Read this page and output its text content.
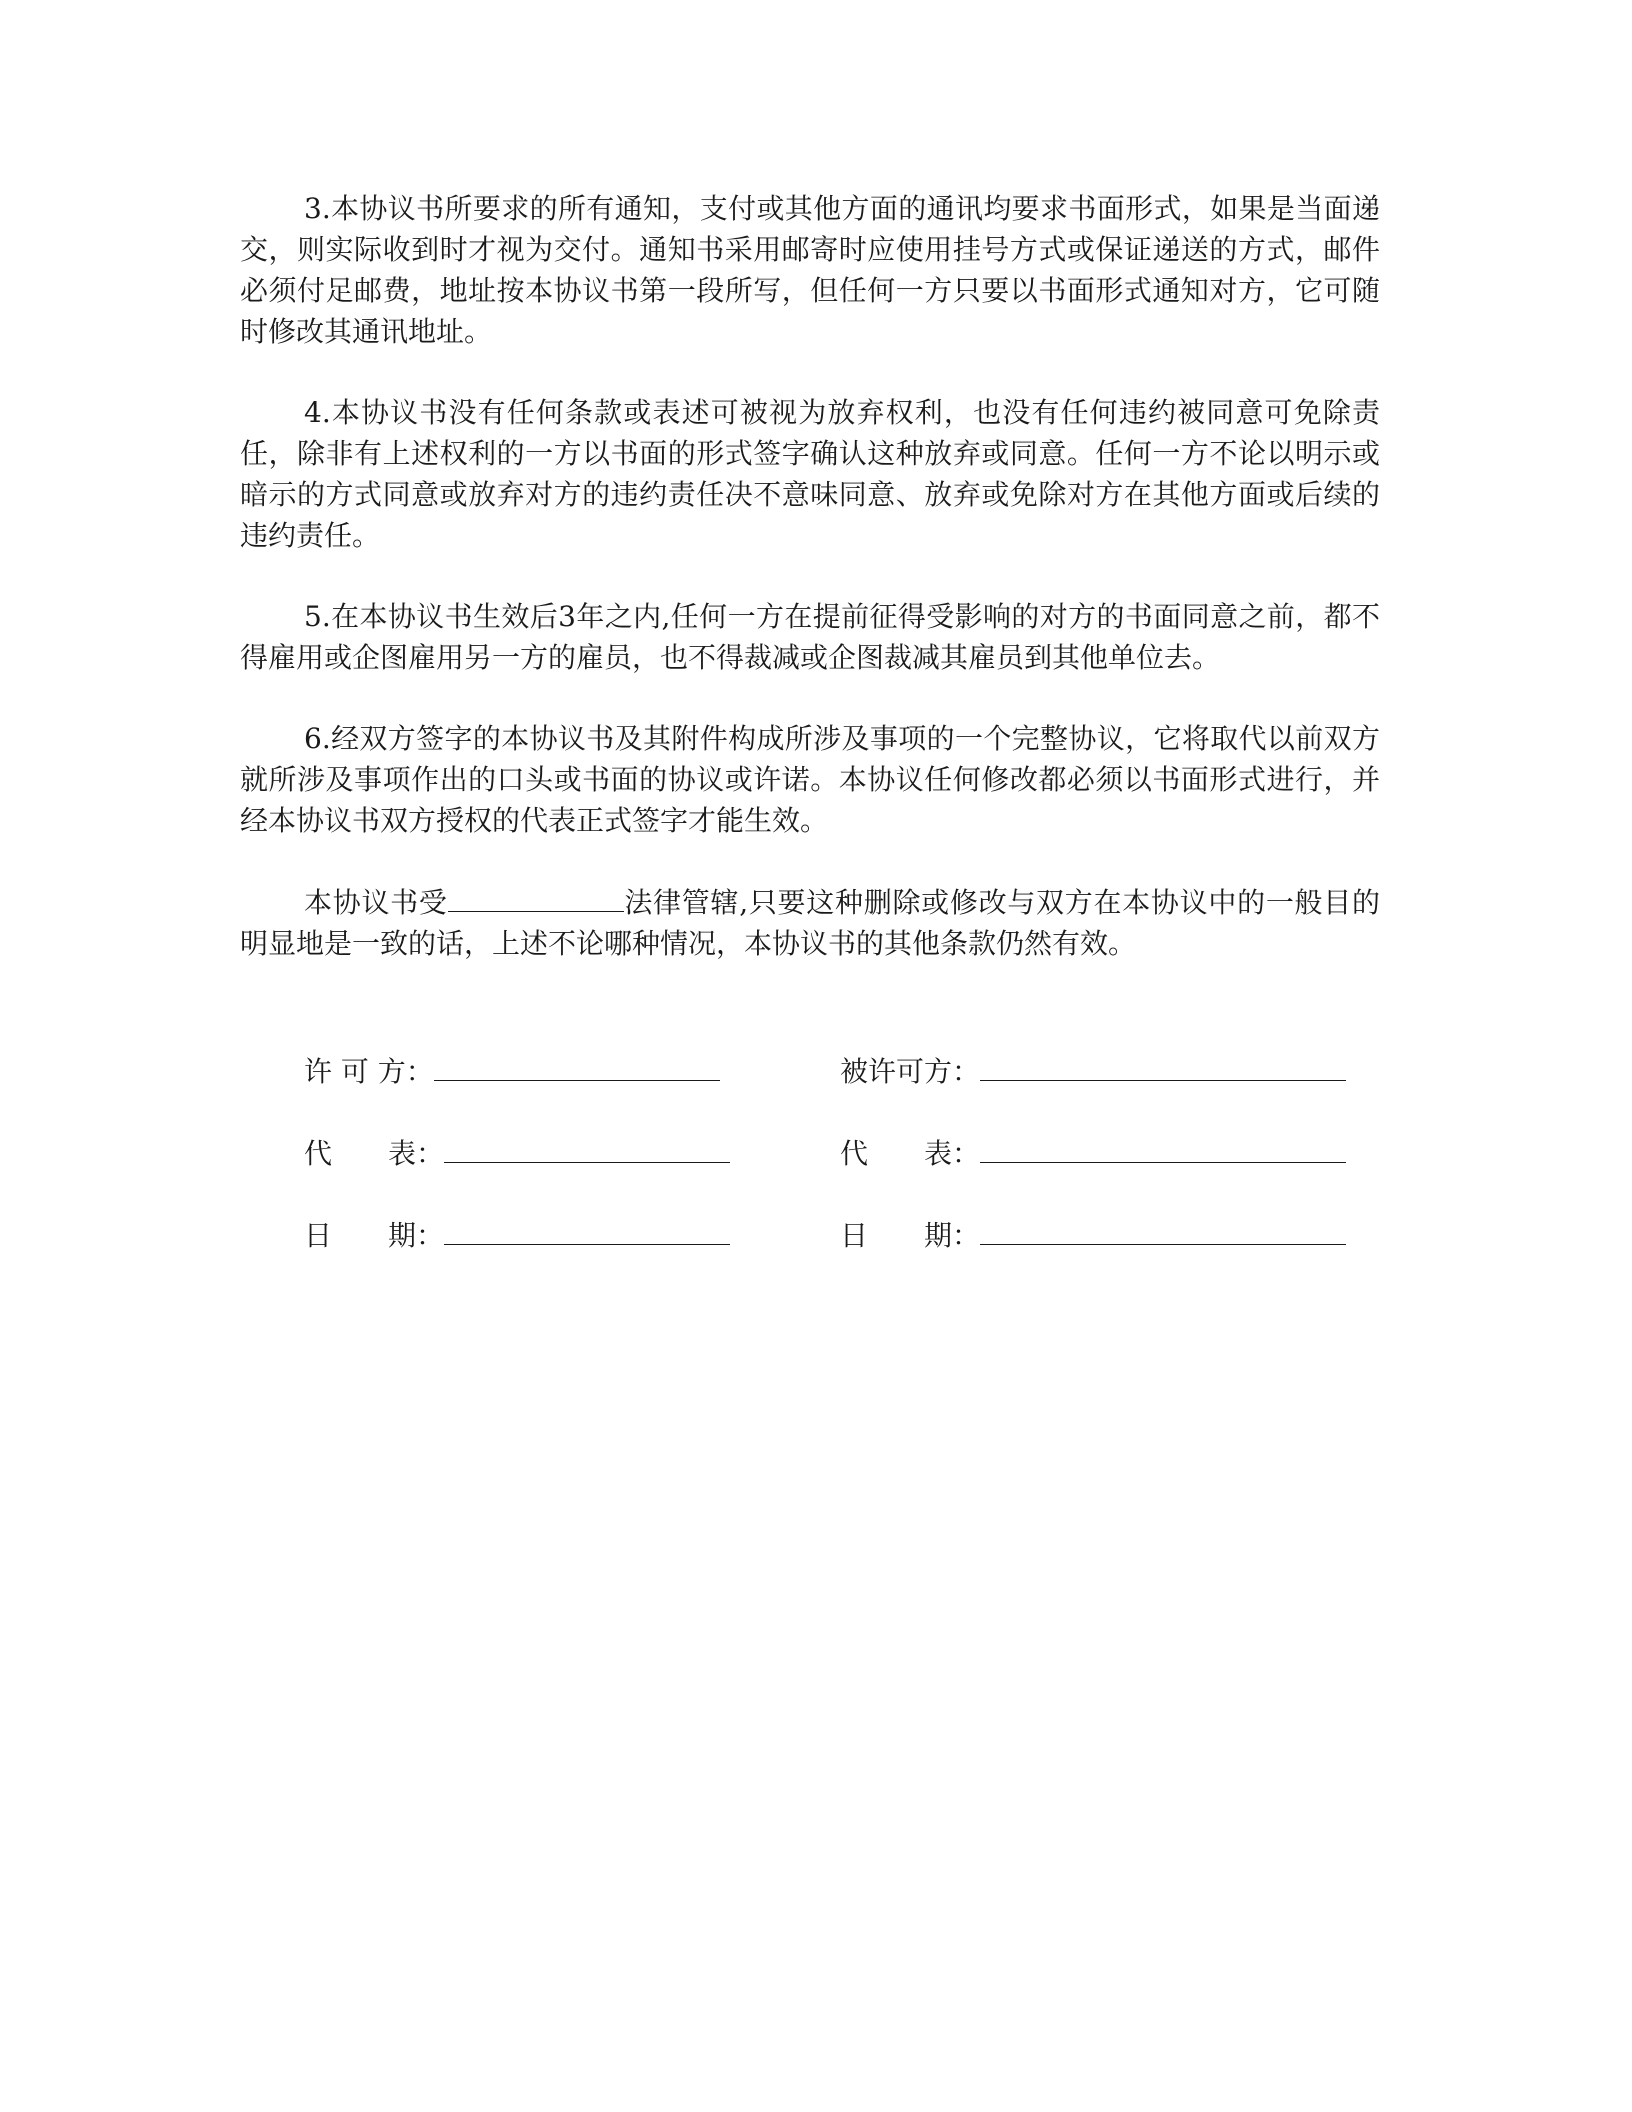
3.本协议书所要求的所有通知，支付或其他方面的通讯均要求书面形式，如果是当面递交，则实际收到时才视为交付。通知书采用邮寄时应使用挂号方式或保证递送的方式，邮件必须付足邮费，地址按本协议书第一段所写，但任何一方只要以书面形式通知对方，它可随时修改其通讯地址。

4.本协议书没有任何条款或表述可被视为放弃权利，也没有任何违约被同意可免除责任，除非有上述权利的一方以书面的形式签字确认这种放弃或同意。任何一方不论以明示或暗示的方式同意或放弃对方的违约责任决不意味同意、放弃或免除对方在其他方面或后续的违约责任。

5.在本协议书生效后3年之内,任何一方在提前征得受影响的对方的书面同意之前，都不得雇用或企图雇用另一方的雇员，也不得裁减或企图裁减其雇员到其他单位去。

6.经双方签字的本协议书及其附件构成所涉及事项的一个完整协议，它将取代以前双方就所涉及事项作出的口头或书面的协议或许诺。本协议任何修改都必须以书面形式进行，并经本协议书双方授权的代表正式签字才能生效。

本协议书受	法律管辖,只要这种删除或修改与双方在本协议中的一般目的明显地是一致的话，上述不论哪种情况，本协议书的其他条款仍然有效。

许 可 方：	被许可方：
代　　表：	代　　表：
日　　期：	日　　期：
